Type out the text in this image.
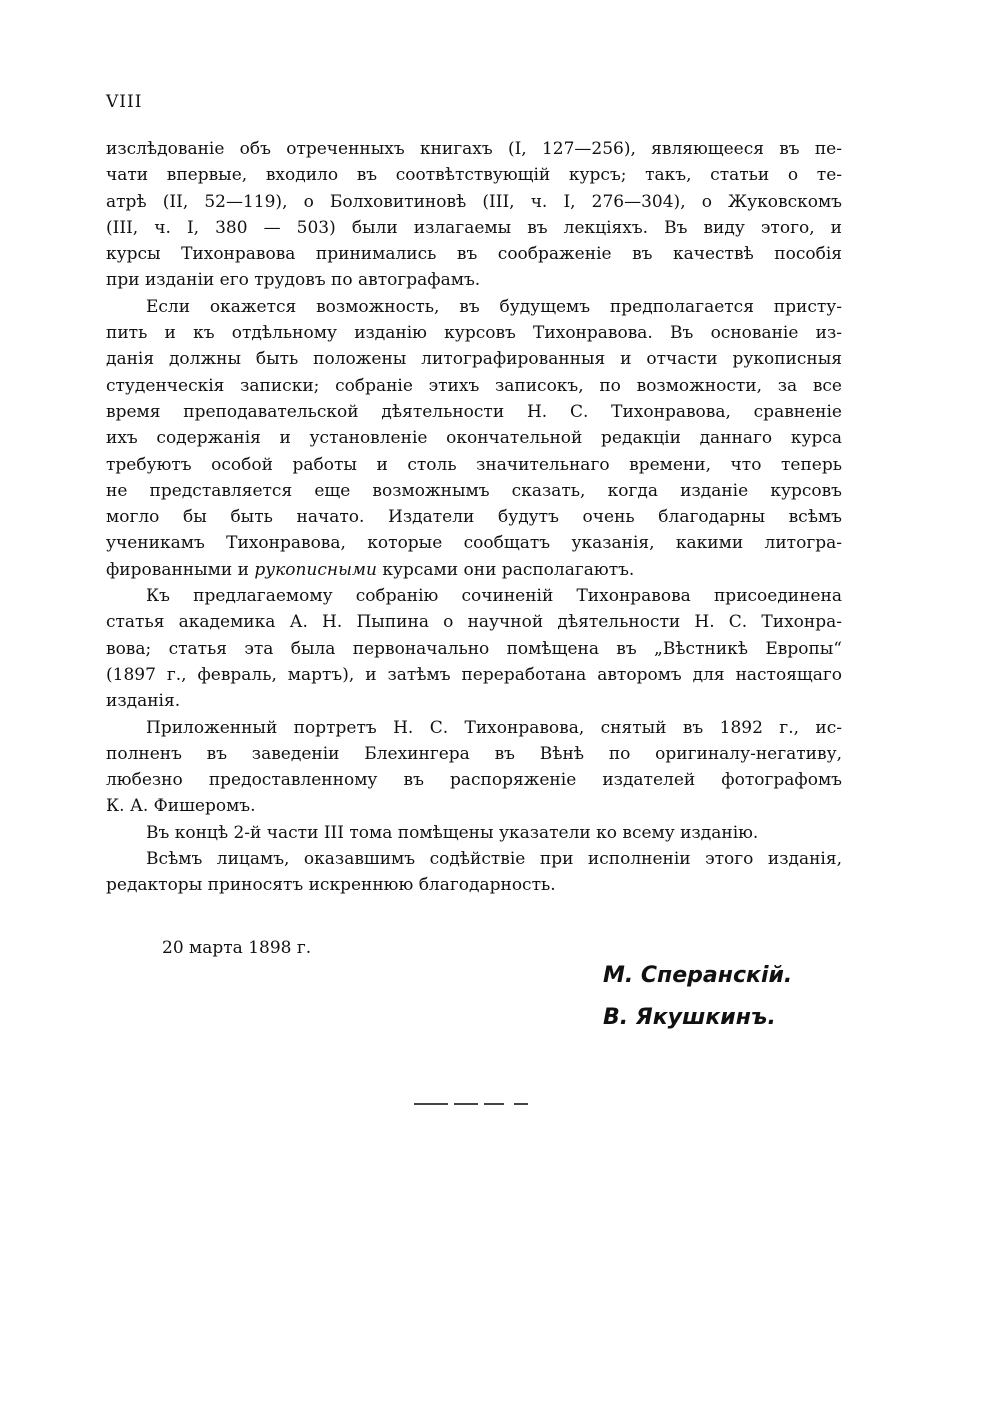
VIII
изслѣдованіе объ отреченныхъ книгахъ (I, 127—256), являющееся въ пе-
чати впервые, входило въ соотвѣтствующій курсъ; такъ, статьи о те-
атрѣ (II, 52—119), о Болховитиновѣ (III, ч. I, 276—304), о Жуковскомъ
(III, ч. I, 380 — 503) были излагаемы въ лекціяхъ. Въ виду этого, и
курсы Тихонравова принимались въ соображеніе въ качествѣ пособія
при изданіи его трудовъ по автографамъ.
Если окажется возможность, въ будущемъ предполагается присту-
пить и къ отдѣльному изданію курсовъ Тихонравова. Въ основаніе из-
данія должны быть положены литографированныя и отчасти рукописныя
студенческія записки; собраніе этихъ записокъ, по возможности, за все
время преподавательской дѣятельности Н. С. Тихонравова, сравненіе
ихъ содержанія и установленіе окончательной редакціи даннаго курса
требуютъ особой работы и столь значительнаго времени, что теперь
не представляется еще возможнымъ сказать, когда изданіе курсовъ
могло бы быть начато. Издатели будутъ очень благодарны всѣмъ
ученикамъ Тихонравова, которые сообщатъ указанія, какими литогра-
фированными и рукописными курсами они располагаютъ.
Къ предлагаемому собранію сочиненій Тихонравова присоединена
статья академика А. Н. Пыпина о научной дѣятельности Н. С. Тихонра-
вова; статья эта была первоначально помѣщена въ „Вѣстникѣ Европы“
(1897 г., февраль, мартъ), и затѣмъ переработана авторомъ для настоящаго
изданія.
Приложенный портретъ Н. С. Тихонравова, снятый въ 1892 г., ис-
полненъ въ заведеніи Блехингера въ Вѣнѣ по оригиналу-негативу,
любезно предоставленному въ распоряженіе издателей фотографомъ
К. А. Фишеромъ.
Въ концѣ 2-й части III тома помѣщены указатели ко всему изданію.
Всѣмъ лицамъ, оказавшимъ содѣйствіе при исполненіи этого изданія,
редакторы приносятъ искреннюю благодарность.
20 марта 1898 г.
М. Сперанскій.
В. Якушкинъ.
